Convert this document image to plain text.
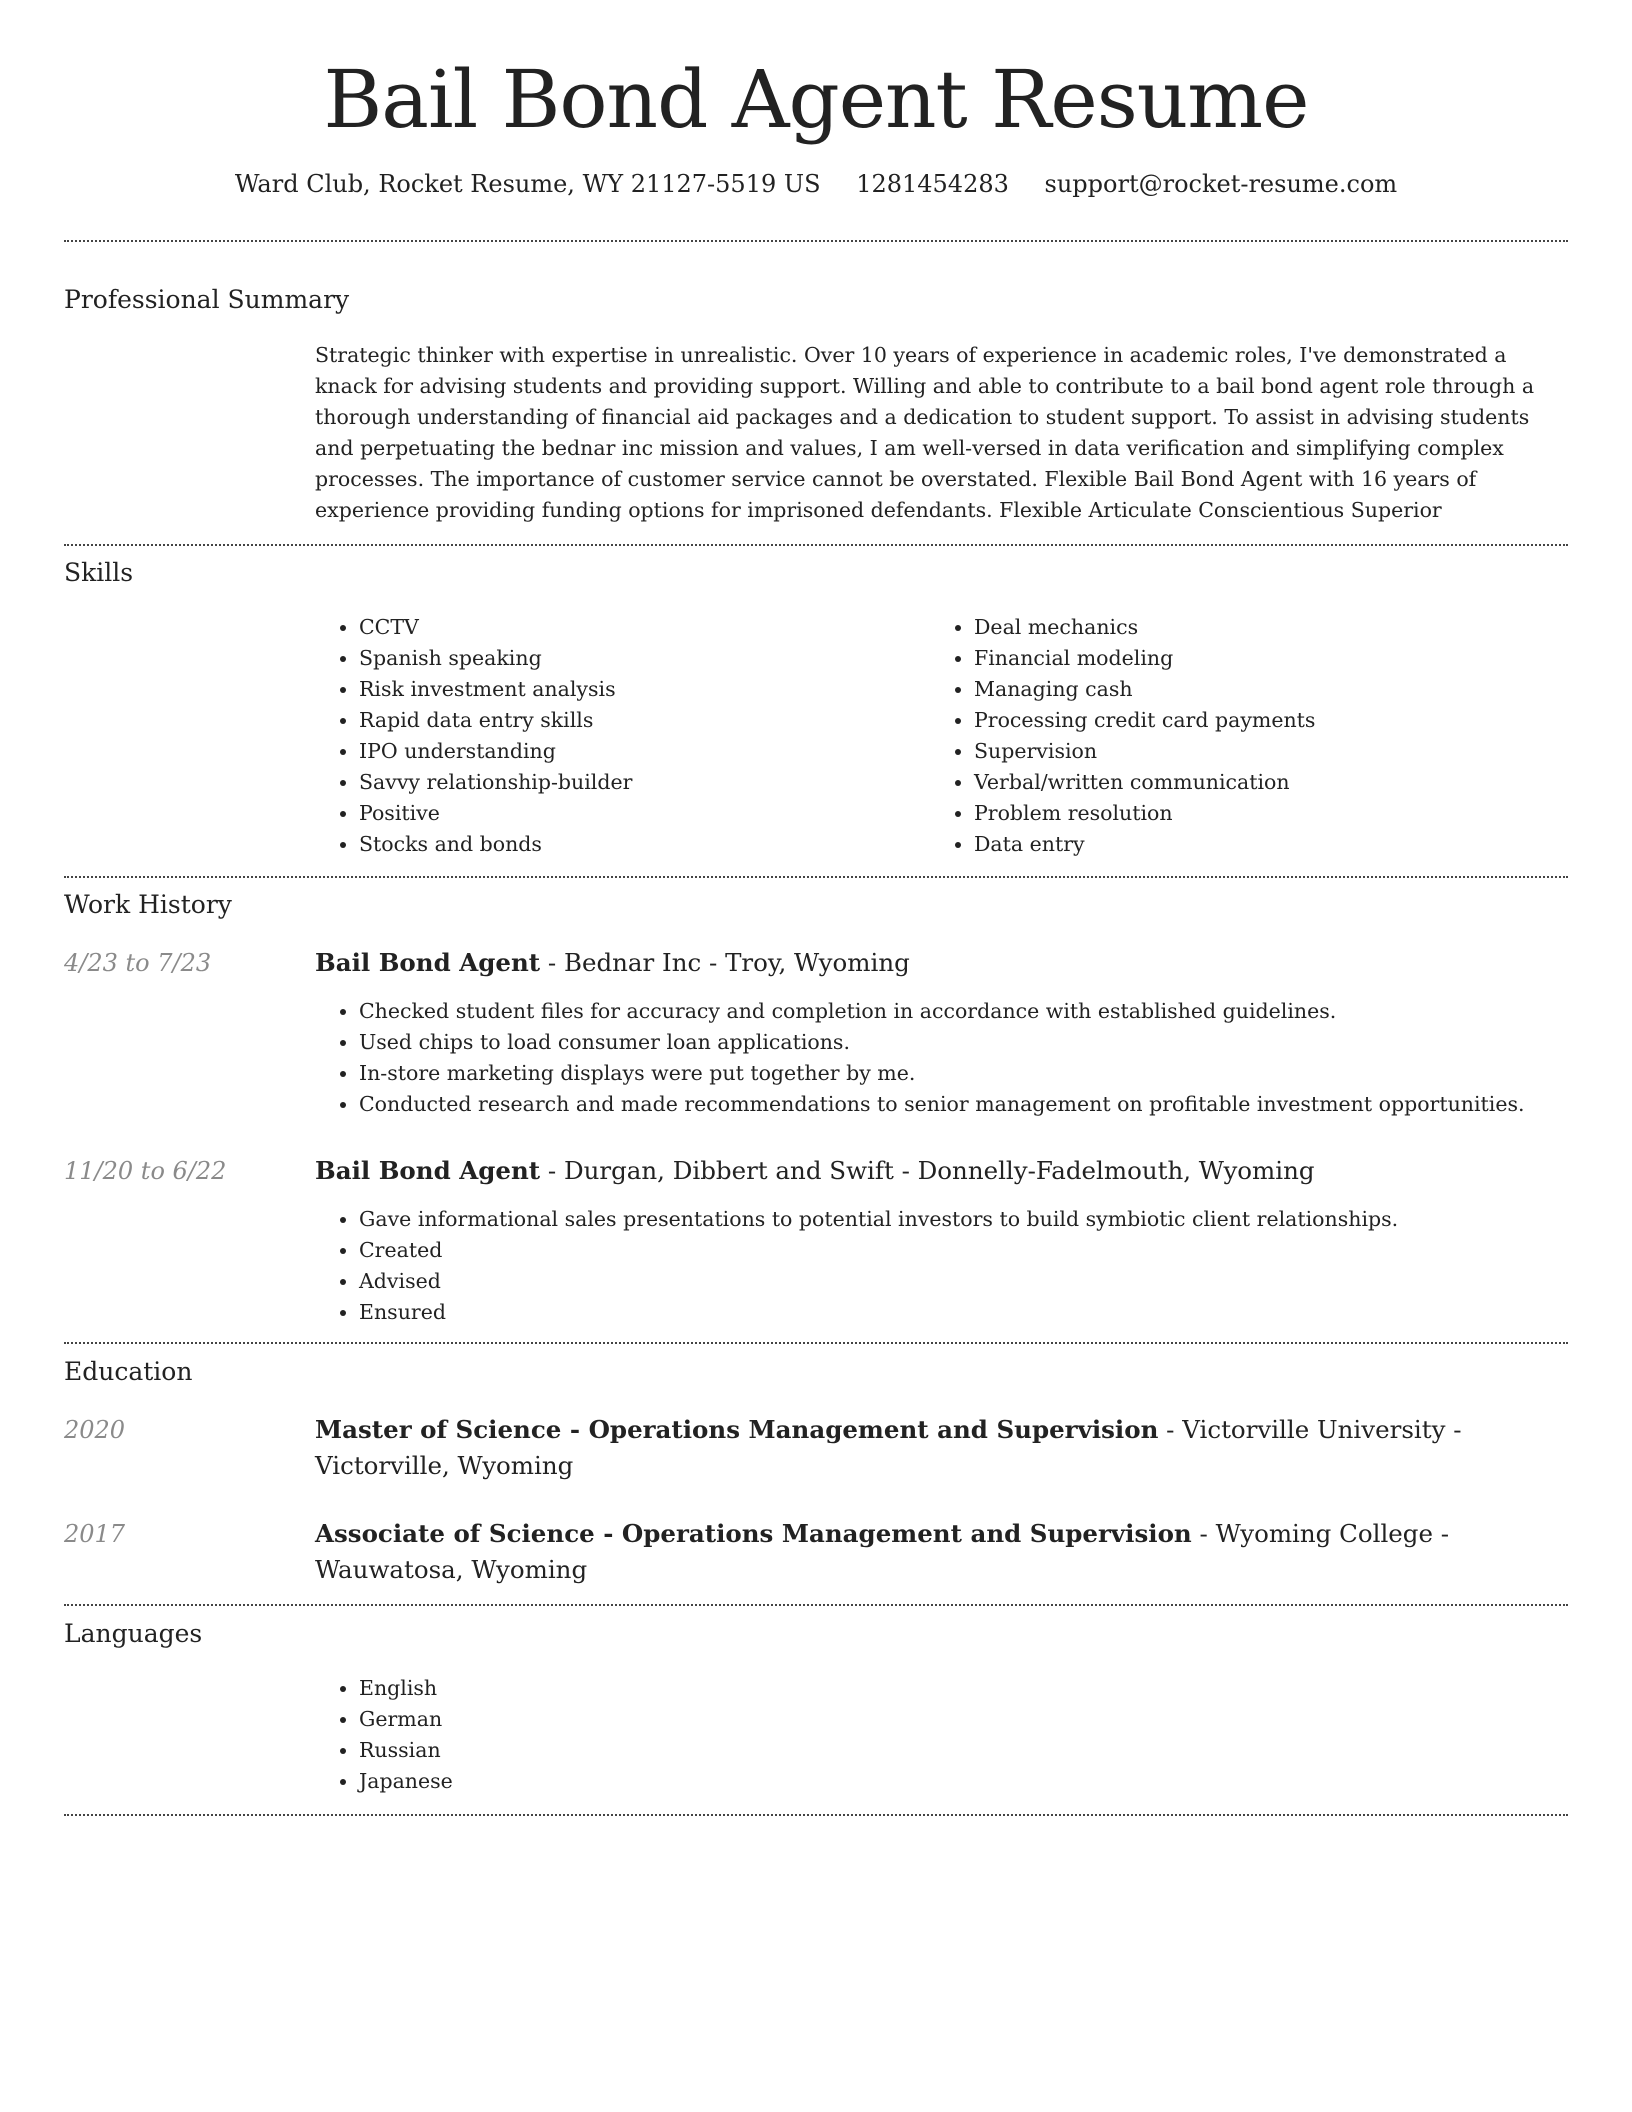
Bail Bond Agent Resume
Ward Club, Rocket Resume, WY 21127-5519 US 1281454283 support@rocket-resume.com
Professional Summary
Strategic thinker with expertise in unrealistic. Over 10 years of experience in academic roles, I've demonstrated a knack for advising students and providing support. Willing and able to contribute to a bail bond agent role through a thorough understanding of financial aid packages and a dedication to student support. To assist in advising students and perpetuating the bednar inc mission and values, I am well-versed in data verification and simplifying complex processes. The importance of customer service cannot be overstated. Flexible Bail Bond Agent with 16 years of experience providing funding options for imprisoned defendants. Flexible Articulate Conscientious Superior
Skills
• CCTV
• Spanish speaking
• Risk investment analysis
• Rapid data entry skills
• IPO understanding
• Savvy relationship-builder
• Positive
• Stocks and bonds
• Deal mechanics
• Financial modeling
• Managing cash
• Processing credit card payments
• Supervision
• Verbal/written communication
• Problem resolution
• Data entry
Work History
4/23 to 7/23	Bail Bond Agent - Bednar Inc - Troy, Wyoming
• Checked student files for accuracy and completion in accordance with established guidelines.
• Used chips to load consumer loan applications.
• In-store marketing displays were put together by me.
• Conducted research and made recommendations to senior management on profitable investment opportunities.
11/20 to 6/22	Bail Bond Agent - Durgan, Dibbert and Swift - Donnelly-Fadelmouth, Wyoming
• Gave informational sales presentations to potential investors to build symbiotic client relationships.
• Created
• Advised
• Ensured
Education
2020	Master of Science - Operations Management and Supervision - Victorville University - Victorville, Wyoming
2017	Associate of Science - Operations Management and Supervision - Wyoming College - Wauwatosa, Wyoming
Languages
• English
• German
• Russian
• Japanese
